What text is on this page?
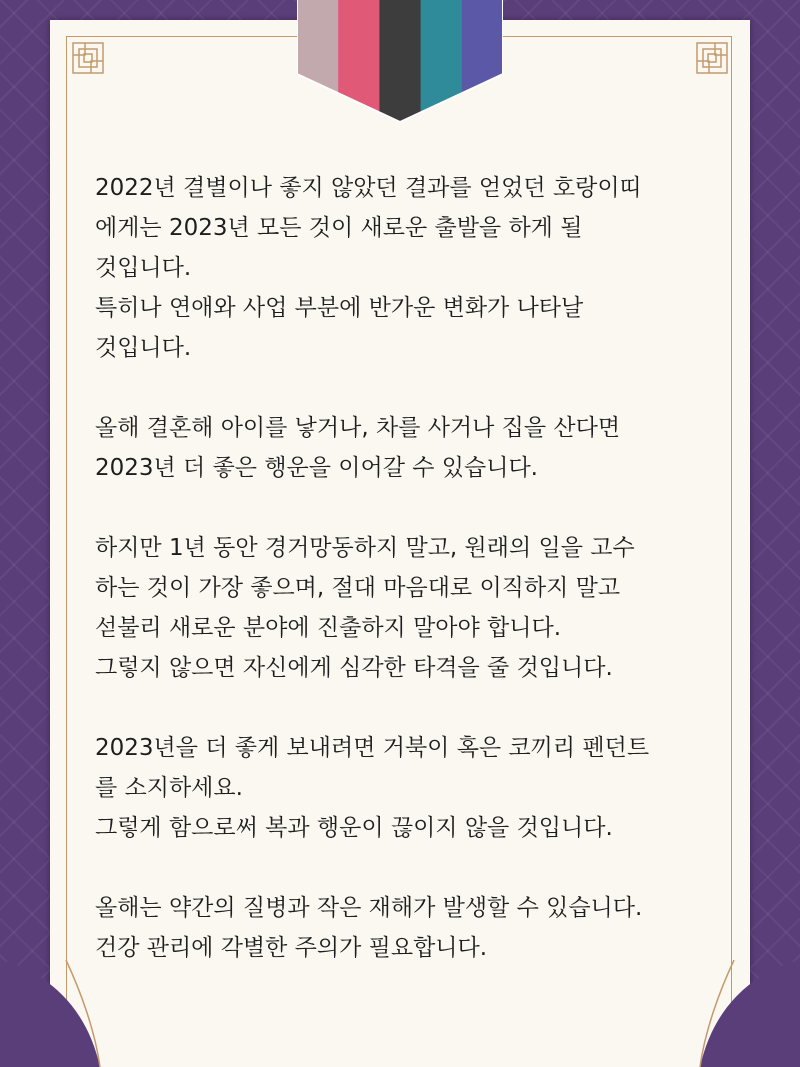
2022년 결별이나 좋지 않았던 결과를 얻었던 호랑이띠
에게는 2023년 모든 것이 새로운 출발을 하게 될
것입니다.
특히나 연애와 사업 부분에 반가운 변화가 나타날
것입니다.
올해 결혼해 아이를 낳거나, 차를 사거나 집을 산다면
2023년 더 좋은 행운을 이어갈 수 있습니다.
하지만 1년 동안 경거망동하지 말고, 원래의 일을 고수
하는 것이 가장 좋으며, 절대 마음대로 이직하지 말고
섣불리 새로운 분야에 진출하지 말아야 합니다.
그렇지 않으면 자신에게 심각한 타격을 줄 것입니다.
2023년을 더 좋게 보내려면 거북이 혹은 코끼리 펜던트
를 소지하세요.
그렇게 함으로써 복과 행운이 끊이지 않을 것입니다.
올해는 약간의 질병과 작은 재해가 발생할 수 있습니다.
건강 관리에 각별한 주의가 필요합니다.
